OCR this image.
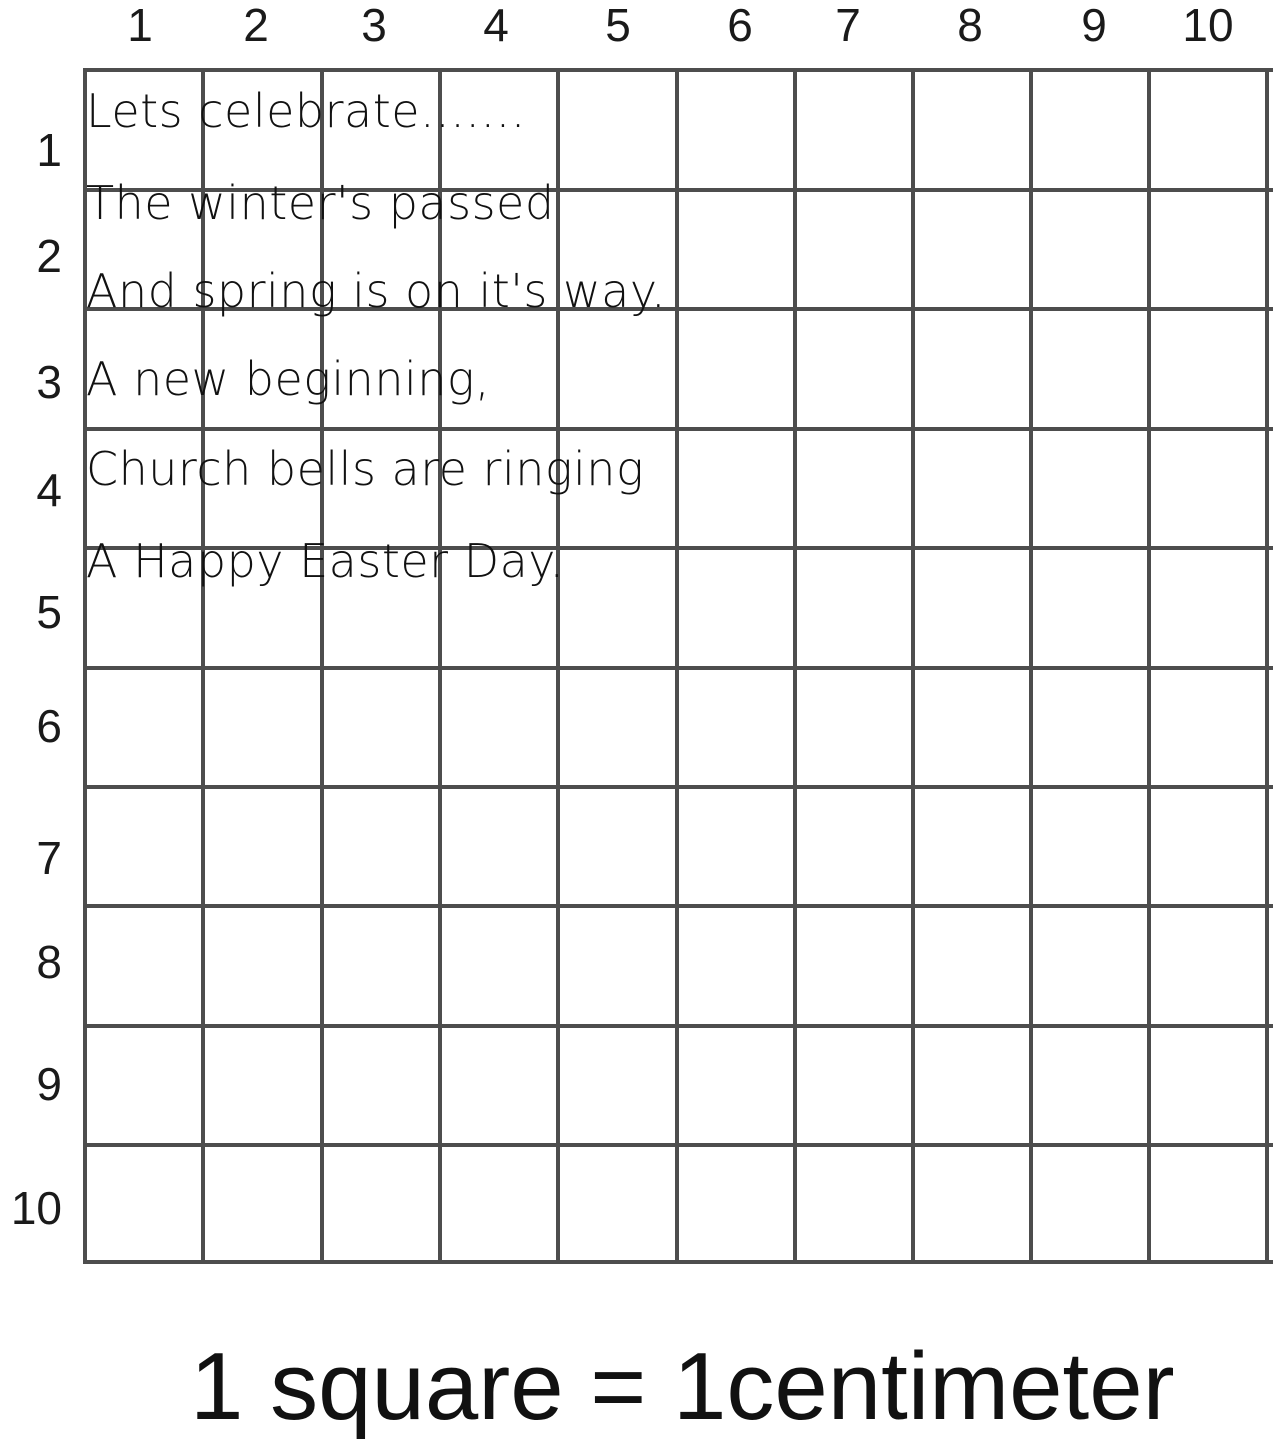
1	2	3	4	5	6	7	8	9	10
1
2
3
4
5
6
7
8
9
10
Lets celebrate.......
The winter's passed
And spring is on it's way.
A new beginning,
Church bells are ringing
A Happy Easter Day.
1 square = 1centimeter
